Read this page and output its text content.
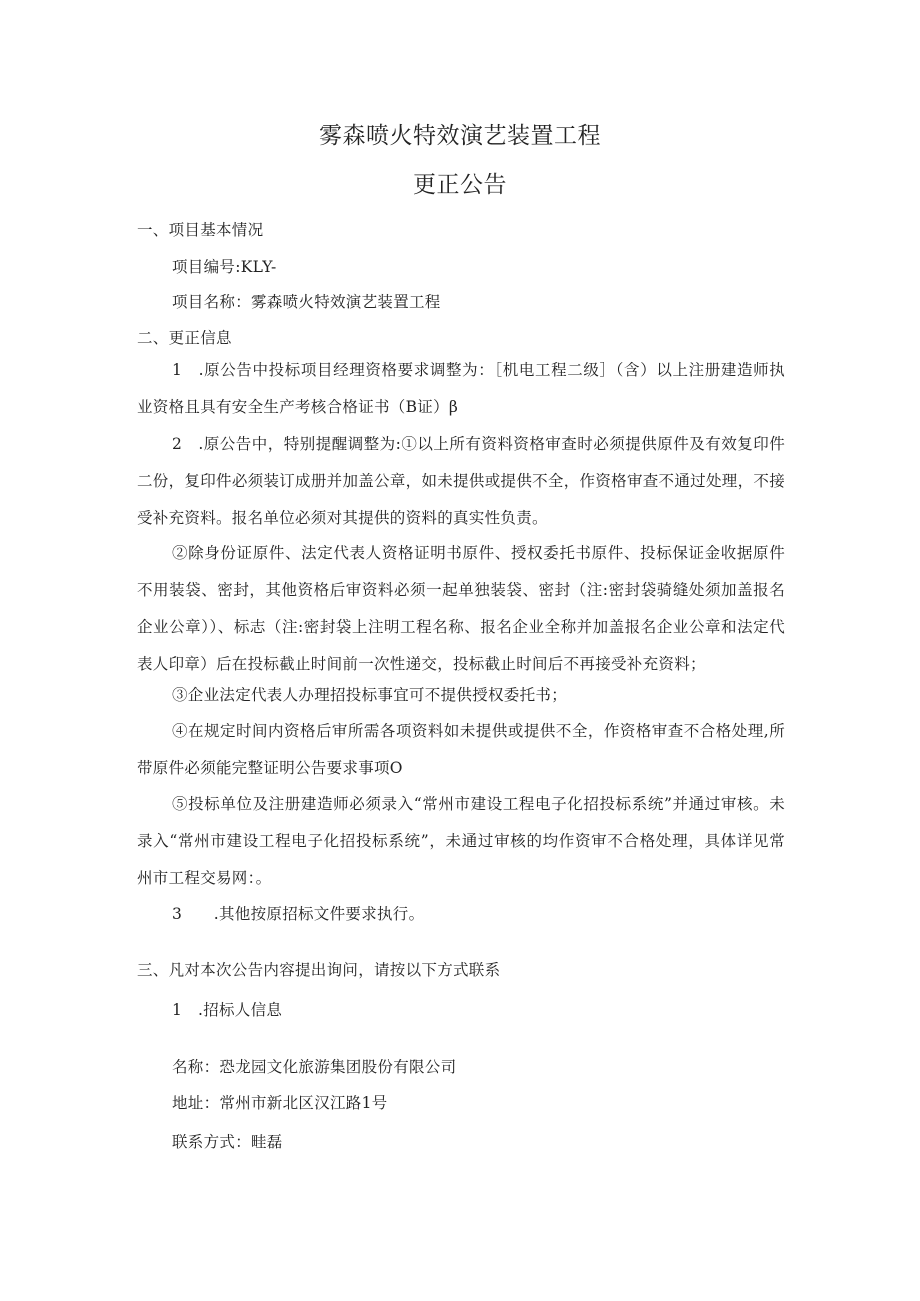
雾森喷火特效演艺装置工程
更正公告
一、项目基本情况
项目编号:KLY-
项目名称：雾森喷火特效演艺装置工程
二、更正信息
1　.原公告中投标项目经理资格要求调整为：［机电工程二级］（含）以上注册建造师执业资格且具有安全生产考核合格证书（B证）β
2　.原公告中，特别提醒调整为:①以上所有资料资格审查时必须提供原件及有效复印件二份，复印件必须装订成册并加盖公章，如未提供或提供不全，作资格审查不通过处理，不接受补充资料。报名单位必须对其提供的资料的真实性负责。
②除身份证原件、法定代表人资格证明书原件、授权委托书原件、投标保证金收据原件不用装袋、密封，其他资格后审资料必须一起单独装袋、密封（注:密封袋骑缝处须加盖报名企业公章））、标志（注:密封袋上注明工程名称、报名企业全称并加盖报名企业公章和法定代表人印章）后在投标截止时间前一次性递交，投标截止时间后不再接受补充资料；
③企业法定代表人办理招投标事宜可不提供授权委托书；
④在规定时间内资格后审所需各项资料如未提供或提供不全，作资格审查不合格处理,所带原件必须能完整证明公告要求事项O
⑤投标单位及注册建造师必须录入“常州市建设工程电子化招投标系统”并通过审核。未录入“常州市建设工程电子化招投标系统”，未通过审核的均作资审不合格处理，具体详见常州市工程交易网：。
3　　.其他按原招标文件要求执行。
三、凡对本次公告内容提出询问，请按以下方式联系
1　.招标人信息
名称：恐龙园文化旅游集团股份有限公司
地址：常州市新北区汉江路1号
联系方式：畦磊
